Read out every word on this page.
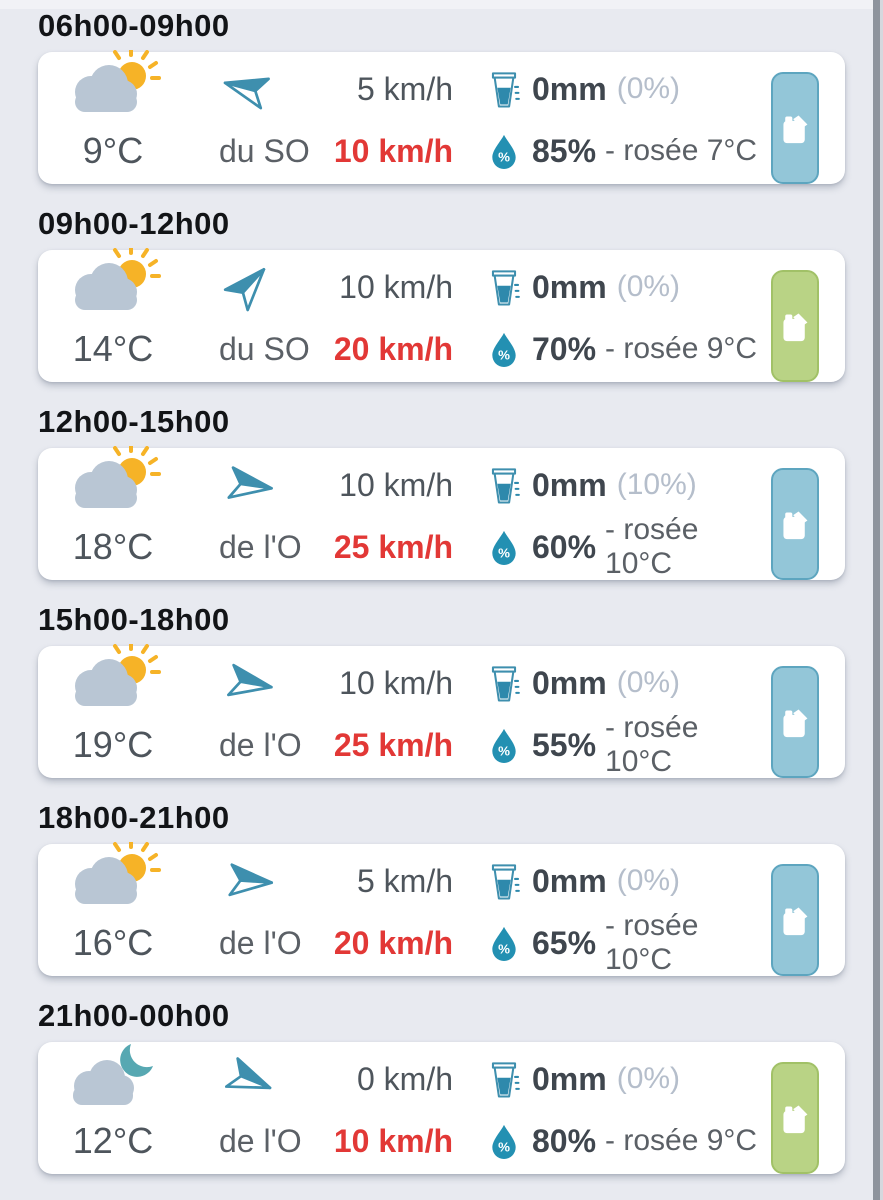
06h00-09h00
9°C
5 km/h
du SO 10 km/h
0mm (0%)
% 85% - rosée 7°C
09h00-12h00
14°C
10 km/h
du SO 20 km/h
0mm (0%)
% 70% - rosée 9°C
12h00-15h00
18°C
10 km/h
de l'O 25 km/h
0mm (10%)
% 60% - rosée 10°C
15h00-18h00
19°C
10 km/h
de l'O 25 km/h
0mm (0%)
% 55% - rosée 10°C
18h00-21h00
16°C
5 km/h
de l'O 20 km/h
0mm (0%)
% 65% - rosée 10°C
21h00-00h00
12°C
0 km/h
de l'O 10 km/h
0mm (0%)
% 80% - rosée 9°C
